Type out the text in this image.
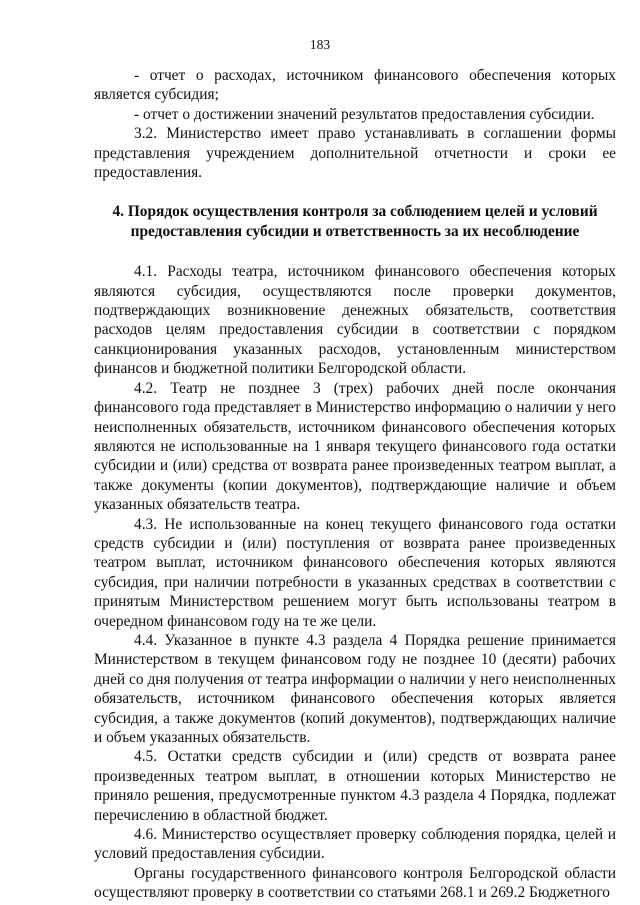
183

- отчет о расходах, источником финансового обеспечения которых является субсидия;

- отчет о достижении значений результатов предоставления субсидии.

3.2. Министерство имеет право устанавливать в соглашении формы представления учреждением дополнительной отчетности и сроки ее предоставления.

4. Порядок осуществления контроля за соблюдением целей и условий предоставления субсидии и ответственность за их несоблюдение

4.1. Расходы театра, источником финансового обеспечения которых являются субсидия, осуществляются после проверки документов, подтверждающих возникновение денежных обязательств, соответствия расходов целям предоставления субсидии в соответствии с порядком санкционирования указанных расходов, установленным министерством финансов и бюджетной политики Белгородской области.

4.2. Театр не позднее 3 (трех) рабочих дней после окончания финансового года представляет в Министерство информацию о наличии у него неисполненных обязательств, источником финансового обеспечения которых являются не использованные на 1 января текущего финансового года остатки субсидии и (или) средства от возврата ранее произведенных театром выплат, а также документы (копии документов), подтверждающие наличие и объем указанных обязательств театра.

4.3. Не использованные на конец текущего финансового года остатки средств субсидии и (или) поступления от возврата ранее произведенных театром выплат, источником финансового обеспечения которых являются субсидия, при наличии потребности в указанных средствах в соответствии с принятым Министерством решением могут быть использованы театром в очередном финансовом году на те же цели.

4.4. Указанное в пункте 4.3 раздела 4 Порядка решение принимается Министерством в текущем финансовом году не позднее 10 (десяти) рабочих дней со дня получения от театра информации о наличии у него неисполненных обязательств, источником финансового обеспечения которых является субсидия, а также документов (копий документов), подтверждающих наличие и объем указанных обязательств.

4.5. Остатки средств субсидии и (или) средств от возврата ранее произведенных театром выплат, в отношении которых Министерство не приняло решения, предусмотренные пунктом 4.3 раздела 4 Порядка, подлежат перечислению в областной бюджет.

4.6. Министерство осуществляет проверку соблюдения порядка, целей и условий предоставления субсидии.

Органы государственного финансового контроля Белгородской области осуществляют проверку в соответствии со статьями 268.1 и 269.2 Бюджетного
